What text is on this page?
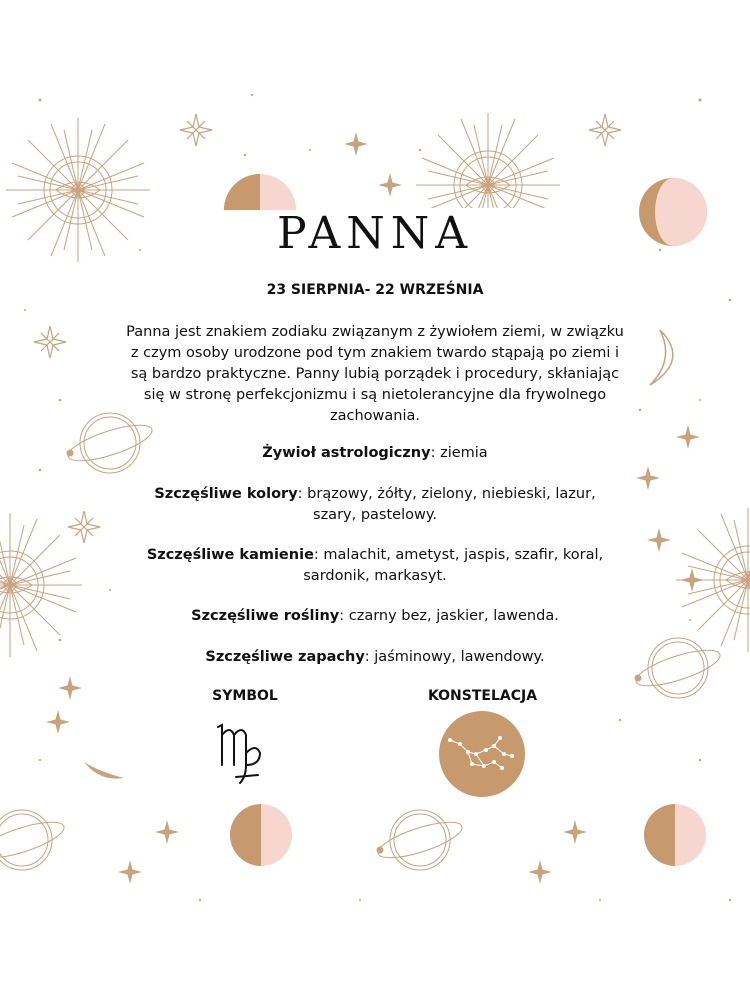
PANNA
23 SIERPNIA- 22 WRZEŚNIA
Panna jest znakiem zodiaku związanym z żywiołem ziemi, w związku z czym osoby urodzone pod tym znakiem twardo stąpają po ziemi i są bardzo praktyczne. Panny lubią porządek i procedury, skłaniając się w stronę perfekcjonizmu i są nietolerancyjne dla frywolnego zachowania.
Żywioł astrologiczny: ziemia
Szczęśliwe kolory: brązowy, żółty, zielony, niebieski, lazur, szary, pastelowy.
Szczęśliwe kamienie: malachit, ametyst, jaspis, szafir, koral, sardonik, markasyt.
Szczęśliwe rośliny: czarny bez, jaskier, lawenda.
Szczęśliwe zapachy: jaśminowy, lawendowy.
SYMBOL	KONSTELACJA
